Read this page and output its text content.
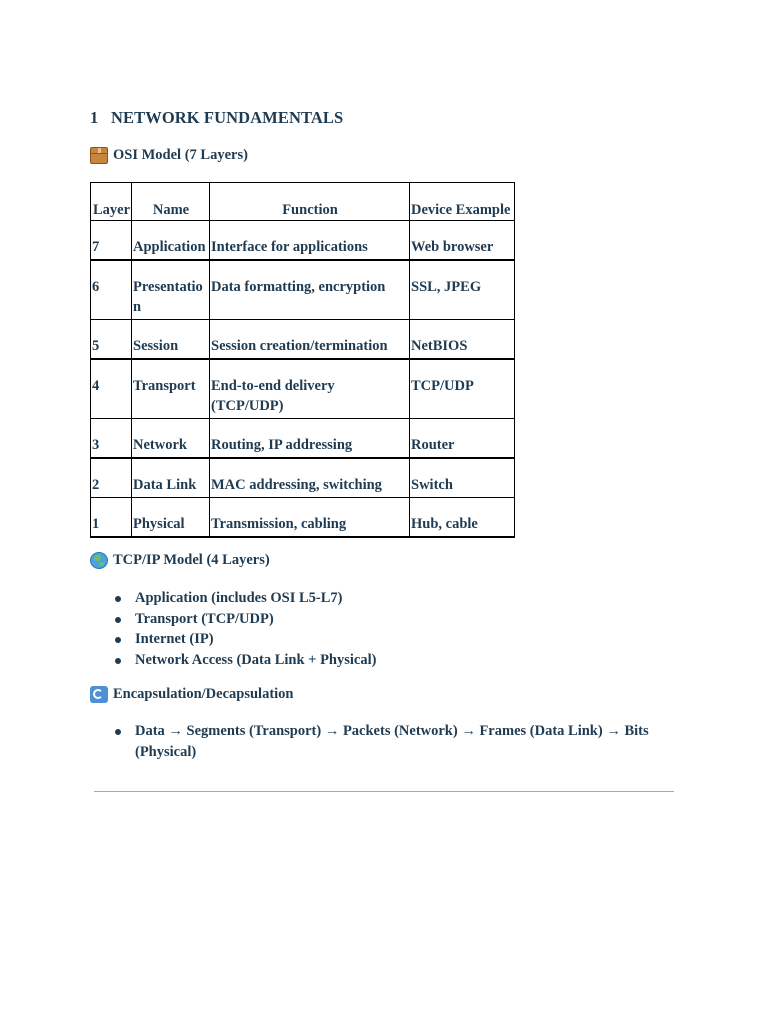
1 NETWORK FUNDAMENTALS
OSI Model (7 Layers)
Layer	Name	Function	Device Example
7	Application	Interface for applications	Web browser
6	Presentation	Data formatting, encryption	SSL, JPEG
5	Session	Session creation/termination	NetBIOS
4	Transport	End-to-end delivery (TCP/UDP)	TCP/UDP
3	Network	Routing, IP addressing	Router
2	Data Link	MAC addressing, switching	Switch
1	Physical	Transmission, cabling	Hub, cable
TCP/IP Model (4 Layers)
Application (includes OSI L5-L7)
Transport (TCP/UDP)
Internet (IP)
Network Access (Data Link + Physical)
Encapsulation/Decapsulation
Data → Segments (Transport) → Packets (Network) → Frames (Data Link) → Bits (Physical)
